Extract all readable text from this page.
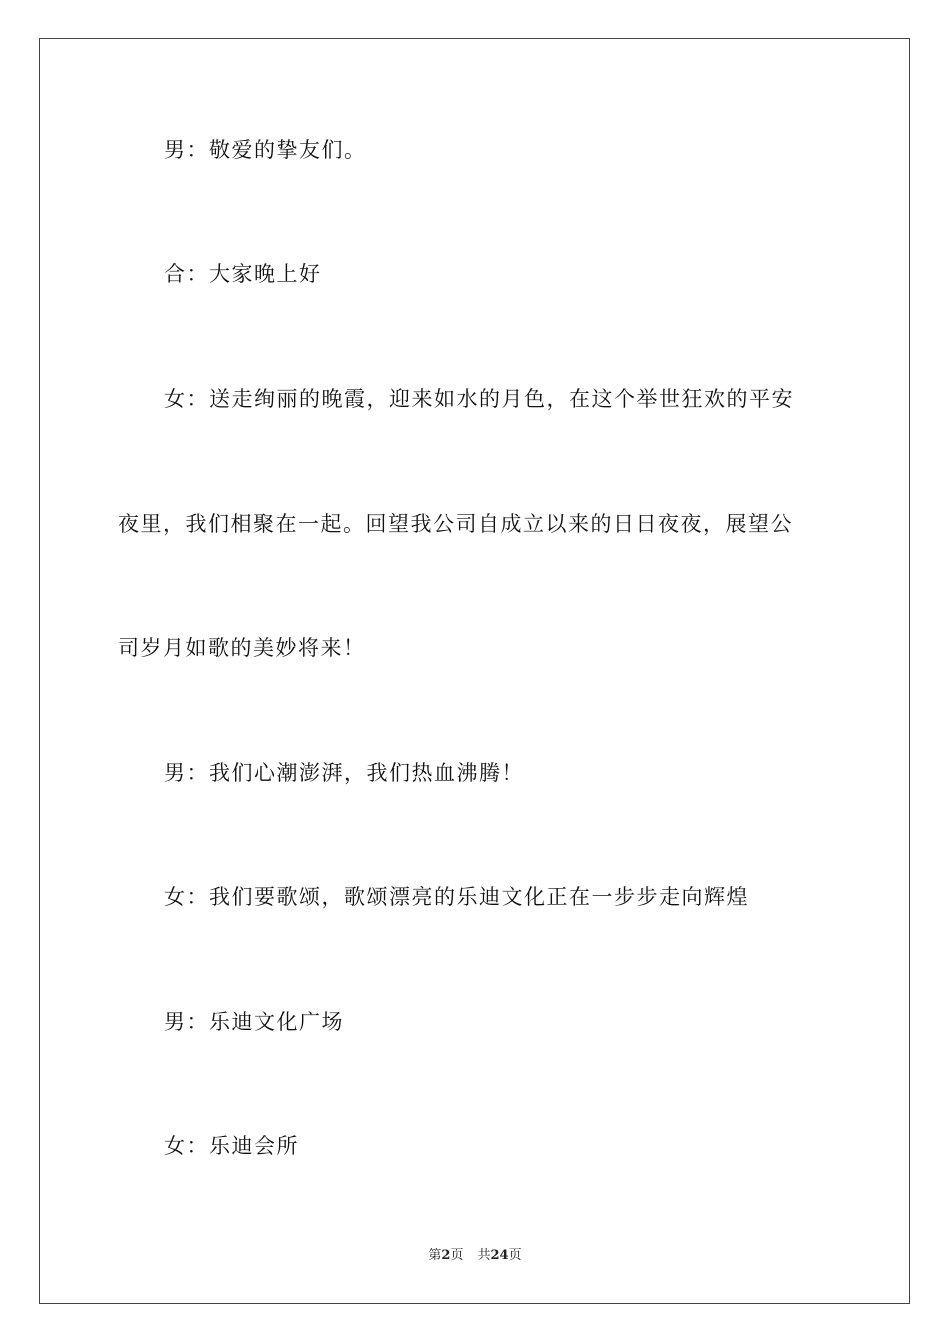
男：敬爱的挚友们。
合：大家晚上好
女：送走绚丽的晚霞，迎来如水的月色，在这个举世狂欢的平安
夜里，我们相聚在一起。回望我公司自成立以来的日日夜夜，展望公
司岁月如歌的美妙将来！
男：我们心潮澎湃，我们热血沸腾！
女：我们要歌颂，歌颂漂亮的乐迪文化正在一步步走向辉煌
男：乐迪文化广场
女：乐迪会所
第2页 共24页
